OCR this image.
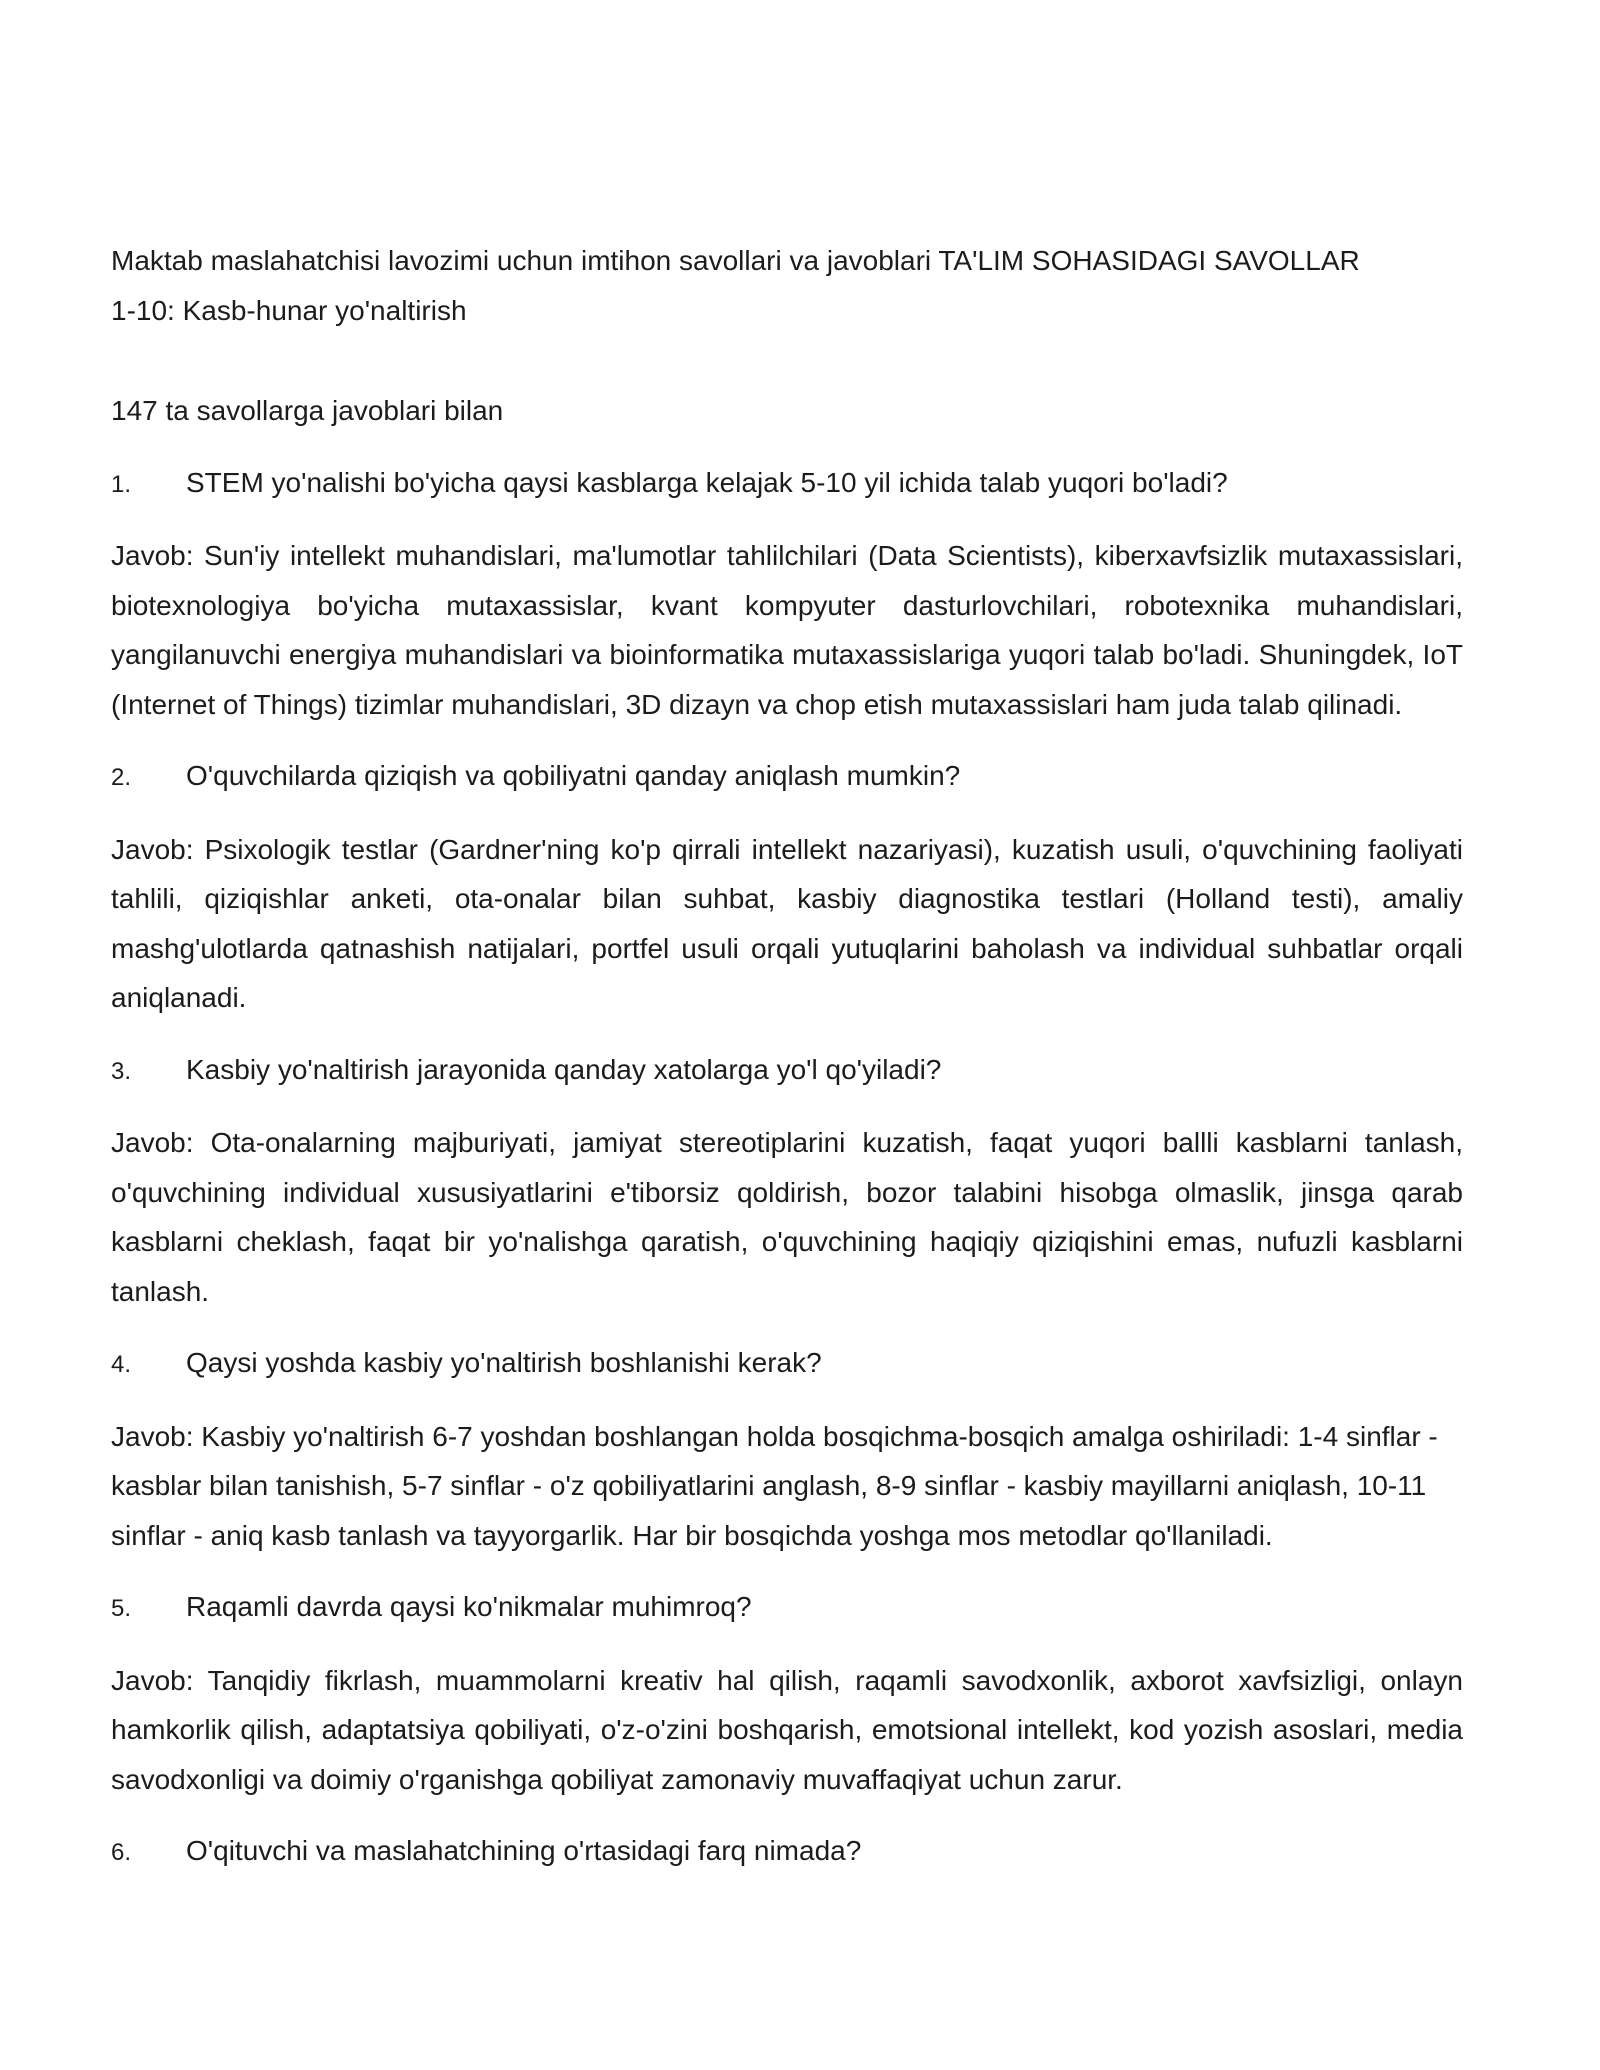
Maktab maslahatchisi lavozimi uchun imtihon savollari va javoblari TA'LIM SOHASIDAGI SAVOLLAR

1-10: Kasb-hunar yo'naltirish

147 ta savollarga javoblari bilan

1.	STEM yo'nalishi bo'yicha qaysi kasblarga kelajak 5-10 yil ichida talab yuqori bo'ladi?

Javob: Sun'iy intellekt muhandislari, ma'lumotlar tahlilchilari (Data Scientists), kiberxavfsizlik mutaxassislari, biotexnologiya bo'yicha mutaxassislar, kvant kompyuter dasturlovchilari, robotexnika muhandislari, yangilanuvchi energiya muhandislari va bioinformatika mutaxassislariga yuqori talab bo'ladi. Shuningdek, IoT (Internet of Things) tizimlar muhandislari, 3D dizayn va chop etish mutaxassislari ham juda talab qilinadi.

2.	O'quvchilarda qiziqish va qobiliyatni qanday aniqlash mumkin?

Javob: Psixologik testlar (Gardner'ning ko'p qirrali intellekt nazariyasi), kuzatish usuli, o'quvchining faoliyati tahlili, qiziqishlar anketi, ota-onalar bilan suhbat, kasbiy diagnostika testlari (Holland testi), amaliy mashg'ulotlarda qatnashish natijalari, portfel usuli orqali yutuqlarini baholash va individual suhbatlar orqali aniqlanadi.

3.	Kasbiy yo'naltirish jarayonida qanday xatolarga yo'l qo'yiladi?

Javob: Ota-onalarning majburiyati, jamiyat stereotiplarini kuzatish, faqat yuqori ballli kasblarni tanlash, o'quvchining individual xususiyatlarini e'tiborsiz qoldirish, bozor talabini hisobga olmaslik, jinsga qarab kasblarni cheklash, faqat bir yo'nalishga qaratish, o'quvchining haqiqiy qiziqishini emas, nufuzli kasblarni tanlash.

4.	Qaysi yoshda kasbiy yo'naltirish boshlanishi kerak?

Javob: Kasbiy yo'naltirish 6-7 yoshdan boshlangan holda bosqichma-bosqich amalga oshiriladi: 1-4 sinflar - kasblar bilan tanishish, 5-7 sinflar - o'z qobiliyatlarini anglash, 8-9 sinflar - kasbiy mayillarni aniqlash, 10-11 sinflar - aniq kasb tanlash va tayyorgarlik. Har bir bosqichda yoshga mos metodlar qo'llaniladi.

5.	Raqamli davrda qaysi ko'nikmalar muhimroq?

Javob: Tanqidiy fikrlash, muammolarni kreativ hal qilish, raqamli savodxonlik, axborot xavfsizligi, onlayn hamkorlik qilish, adaptatsiya qobiliyati, o'z-o'zini boshqarish, emotsional intellekt, kod yozish asoslari, media savodxonligi va doimiy o'rganishga qobiliyat zamonaviy muvaffaqiyat uchun zarur.

6.	O'qituvchi va maslahatchining o'rtasidagi farq nimada?
